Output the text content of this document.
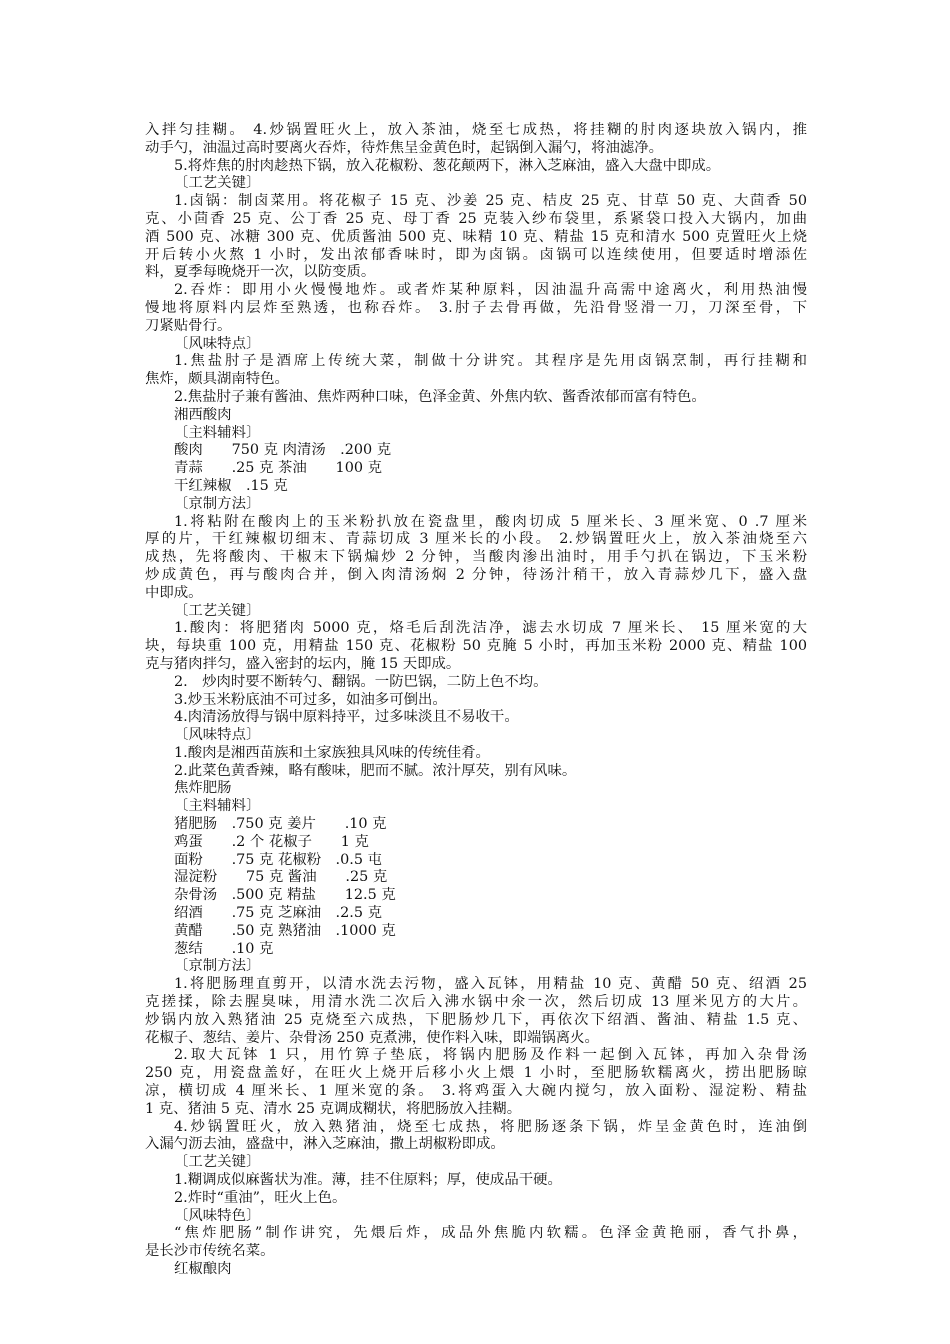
入拌匀挂糊。 4.炒锅置旺火上，放入茶油，烧至七成热，将挂糊的肘肉逐块放入锅内，推
动手勺，油温过高时要离火吞炸，待炸焦呈金黄色时，起锅倒入漏勺，将油滤净。
5.将炸焦的肘肉趁热下锅，放入花椒粉、葱花颠两下，淋入芝麻油，盛入大盘中即成。
〔工艺关键〕
1.卤锅：制卤菜用。将花椒子 15 克、沙姜 25 克、桔皮 25 克、甘草 50 克、大茴香 50
克、小茴香 25 克、公丁香 25 克、母丁香 25 克装入纱布袋里，系紧袋口投入大锅内，加曲
酒 500 克、冰糖 300 克、优质酱油 500 克、味精 10 克、精盐 15 克和清水 500 克置旺火上烧
开后转小火熬 1 小时，发出浓郁香味时，即为卤锅。卤锅可以连续使用，但要适时增添佐
料，夏季每晚烧开一次，以防变质。
2.吞炸：即用小火慢慢地炸。或者炸某种原料，因油温升高需中途离火，利用热油慢
慢地将原料内层炸至熟透，也称吞炸。 3.肘子去骨再做，先沿骨竖滑一刀，刀深至骨，下
刀紧贴骨行。
〔风味特点〕
1.焦盐肘子是酒席上传统大菜，制做十分讲究。其程序是先用卤锅烹制，再行挂糊和
焦炸，颇具湖南特色。
2.焦盐肘子兼有酱油、焦炸两种口味，色泽金黄、外焦内软、酱香浓郁而富有特色。
湘西酸肉
〔主料辅料〕
酸肉　　750 克 肉清汤　.200 克
青蒜　　.25 克 茶油　　100 克
干红辣椒　.15 克
〔京制方法〕
1.将粘附在酸肉上的玉米粉扒放在瓷盘里，酸肉切成 5 厘米长、3 厘米宽、0 .7 厘米
厚的片，干红辣椒切细末、青蒜切成 3 厘米长的小段。 2.炒锅置旺火上，放入茶油烧至六
成热，先将酸肉、干椒末下锅煸炒 2 分钟，当酸肉渗出油时，用手勺扒在锅边，下玉米粉
炒成黄色，再与酸肉合并，倒入肉清汤焖 2 分钟，待汤汁稍干，放入青蒜炒几下，盛入盘
中即成。
〔工艺关键〕
1.酸肉：将肥猪肉 5000 克，烙毛后刮洗洁净，滤去水切成 7 厘米长、 15 厘米宽的大
块，每块重 100 克，用精盐 150 克、花椒粉 50 克腌 5 小时，再加玉米粉 2000 克、精盐 100
克与猪肉拌匀，盛入密封的坛内，腌 15 天即成。
2.　炒肉时要不断转勺、翻锅。一防巴锅，二防上色不均。
3.炒玉米粉底油不可过多，如油多可倒出。
4.肉清汤放得与锅中原料持平，过多味淡且不易收干。
〔风味特点〕
1.酸肉是湘西苗族和土家族独具风味的传统佳肴。
2.此菜色黄香辣，略有酸味，肥而不腻。浓汁厚芡，别有风味。
焦炸肥肠
〔主料辅料〕
猪肥肠　.750 克 姜片　　.10 克
鸡蛋　　.2 个 花椒子　　1 克
面粉　　.75 克 花椒粉　.0.5 屯
湿淀粉　　75 克 酱油　　.25 克
杂骨汤　.500 克 精盐　　12.5 克
绍酒　　.75 克 芝麻油　.2.5 克
黄醋　　.50 克 熟猪油　.1000 克
葱结　　.10 克
〔京制方法〕
1.将肥肠理直剪开，以清水洗去污物，盛入瓦钵，用精盐 10 克、黄醋 50 克、绍酒 25
克搓揉，除去腥臭味，用清水洗二次后入沸水锅中氽一次，然后切成 13 厘米见方的大片。
炒锅内放入熟猪油 25 克烧至六成热，下肥肠炒几下，再依次下绍酒、酱油、精盐 1.5 克、
花椒子、葱结、姜片、杂骨汤 250 克煮沸，使作料入味，即端锅离火。
2.取大瓦钵 1 只，用竹箅子垫底，将锅内肥肠及作料一起倒入瓦钵，再加入杂骨汤
250 克，用瓷盘盖好，在旺火上烧开后移小火上煨 1 小时，至肥肠软糯离火，捞出肥肠晾
凉，横切成 4 厘米长、1 厘米宽的条。 3.将鸡蛋入大碗内搅匀，放入面粉、湿淀粉、精盐
1 克、猪油 5 克、清水 25 克调成糊状，将肥肠放入挂糊。
4.炒锅置旺火，放入熟猪油，烧至七成热，将肥肠逐条下锅，炸呈金黄色时，连油倒
入漏勺沥去油，盛盘中，淋入芝麻油，撒上胡椒粉即成。
〔工艺关键〕
1.糊调成似麻酱状为准。薄，挂不住原料；厚，使成品干硬。
2.炸时“重油”，旺火上色。
〔风味特色〕
“焦炸肥肠”制作讲究，先煨后炸，成品外焦脆内软糯。色泽金黄艳丽，香气扑鼻，
是长沙市传统名菜。
红椒酿肉
